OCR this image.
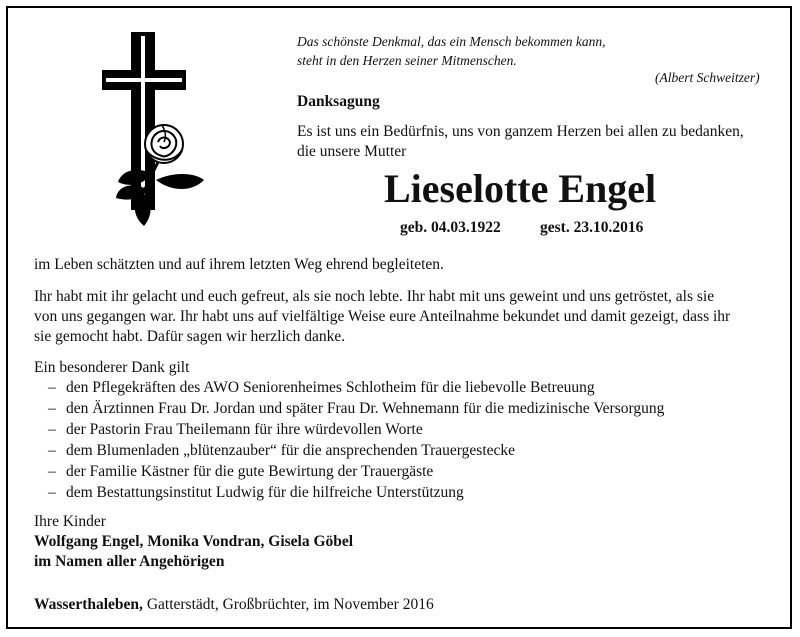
Das schönste Denkmal, das ein Mensch bekommen kann,
steht in den Herzen seiner Mitmenschen.
(Albert Schweitzer)
Danksagung
Es ist uns ein Bedürfnis, uns von ganzem Herzen bei allen zu bedanken,
die unsere Mutter
Lieselotte Engel
geb. 04.03.1922	gest. 23.10.2016
im Leben schätzten und auf ihrem letzten Weg ehrend begleiteten.
Ihr habt mit ihr gelacht und euch gefreut, als sie noch lebte. Ihr habt mit uns geweint und uns getröstet, als sie
von uns gegangen war. Ihr habt uns auf vielfältige Weise eure Anteilnahme bekundet und damit gezeigt, dass ihr
sie gemocht habt. Dafür sagen wir herzlich danke.
Ein besonderer Dank gilt
– den Pflegekräften des AWO Seniorenheimes Schlotheim für die liebevolle Betreuung
– den Ärztinnen Frau Dr. Jordan und später Frau Dr. Wehnemann für die medizinische Versorgung
– der Pastorin Frau Theilemann für ihre würdevollen Worte
– dem Blumenladen „blütenzauber“ für die ansprechenden Trauergestecke
– der Familie Kästner für die gute Bewirtung der Trauergäste
– dem Bestattungsinstitut Ludwig für die hilfreiche Unterstützung
Ihre Kinder
Wolfgang Engel, Monika Vondran, Gisela Göbel
im Namen aller Angehörigen
Wasserthaleben, Gatterstädt, Großbrüchter, im November 2016
